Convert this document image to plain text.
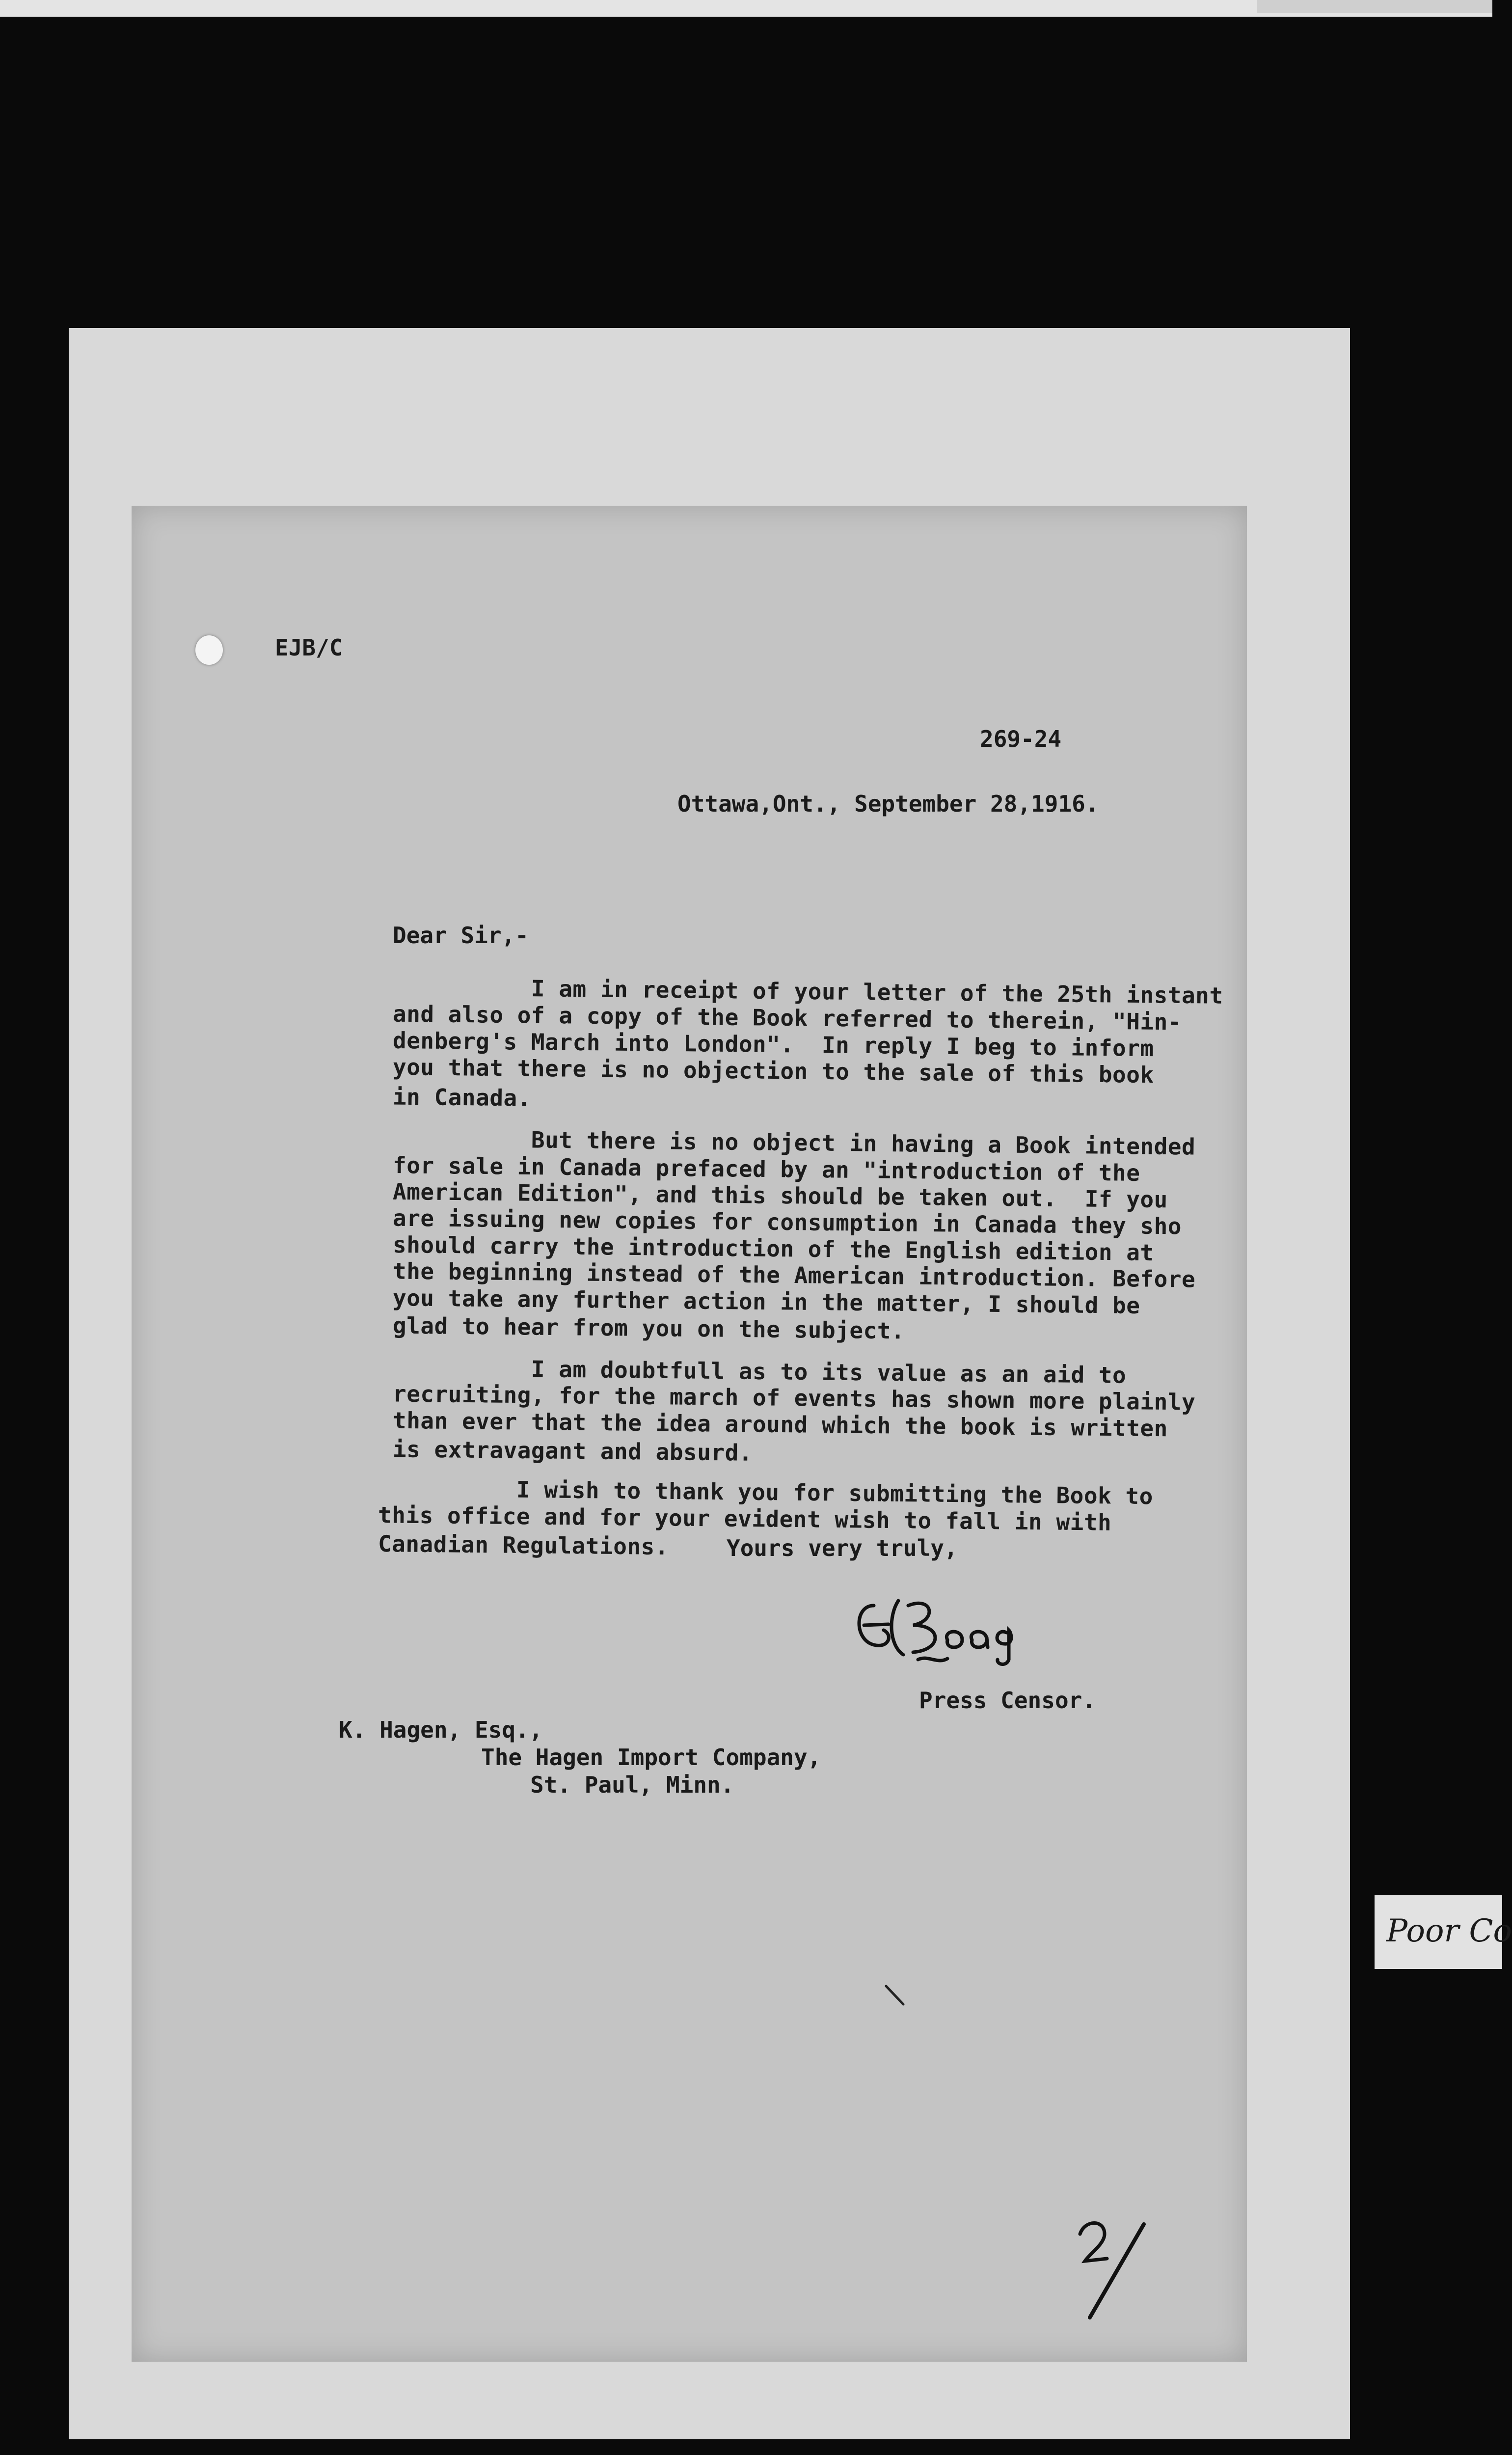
EJB/C
269-24
Ottawa,Ont., September 28,1916.
Dear Sir,-
I am in receipt of your letter of the 25th instant
and also of a copy of the Book referred to therein, "Hin-
denberg's March into London".  In reply I beg to inform
you that there is no objection to the sale of this book
in Canada.
But there is no object in having a Book intended
for sale in Canada prefaced by an "introduction of the
American Edition", and this should be taken out.  If you
are issuing new copies for consumption in Canada they sho
should carry the introduction of the English edition at
the beginning instead of the American introduction. Before
you take any further action in the matter, I should be
glad to hear from you on the subject.
I am doubtfull as to its value as an aid to
recruiting, for the march of events has shown more plainly
than ever that the idea around which the book is written
is extravagant and absurd.
I wish to thank you for submitting the Book to
this office and for your evident wish to fall in with
Canadian Regulations.	Yours very truly,
Press Censor.
K. Hagen, Esq.,
The Hagen Import Company,
St. Paul, Minn.
Poor Co
